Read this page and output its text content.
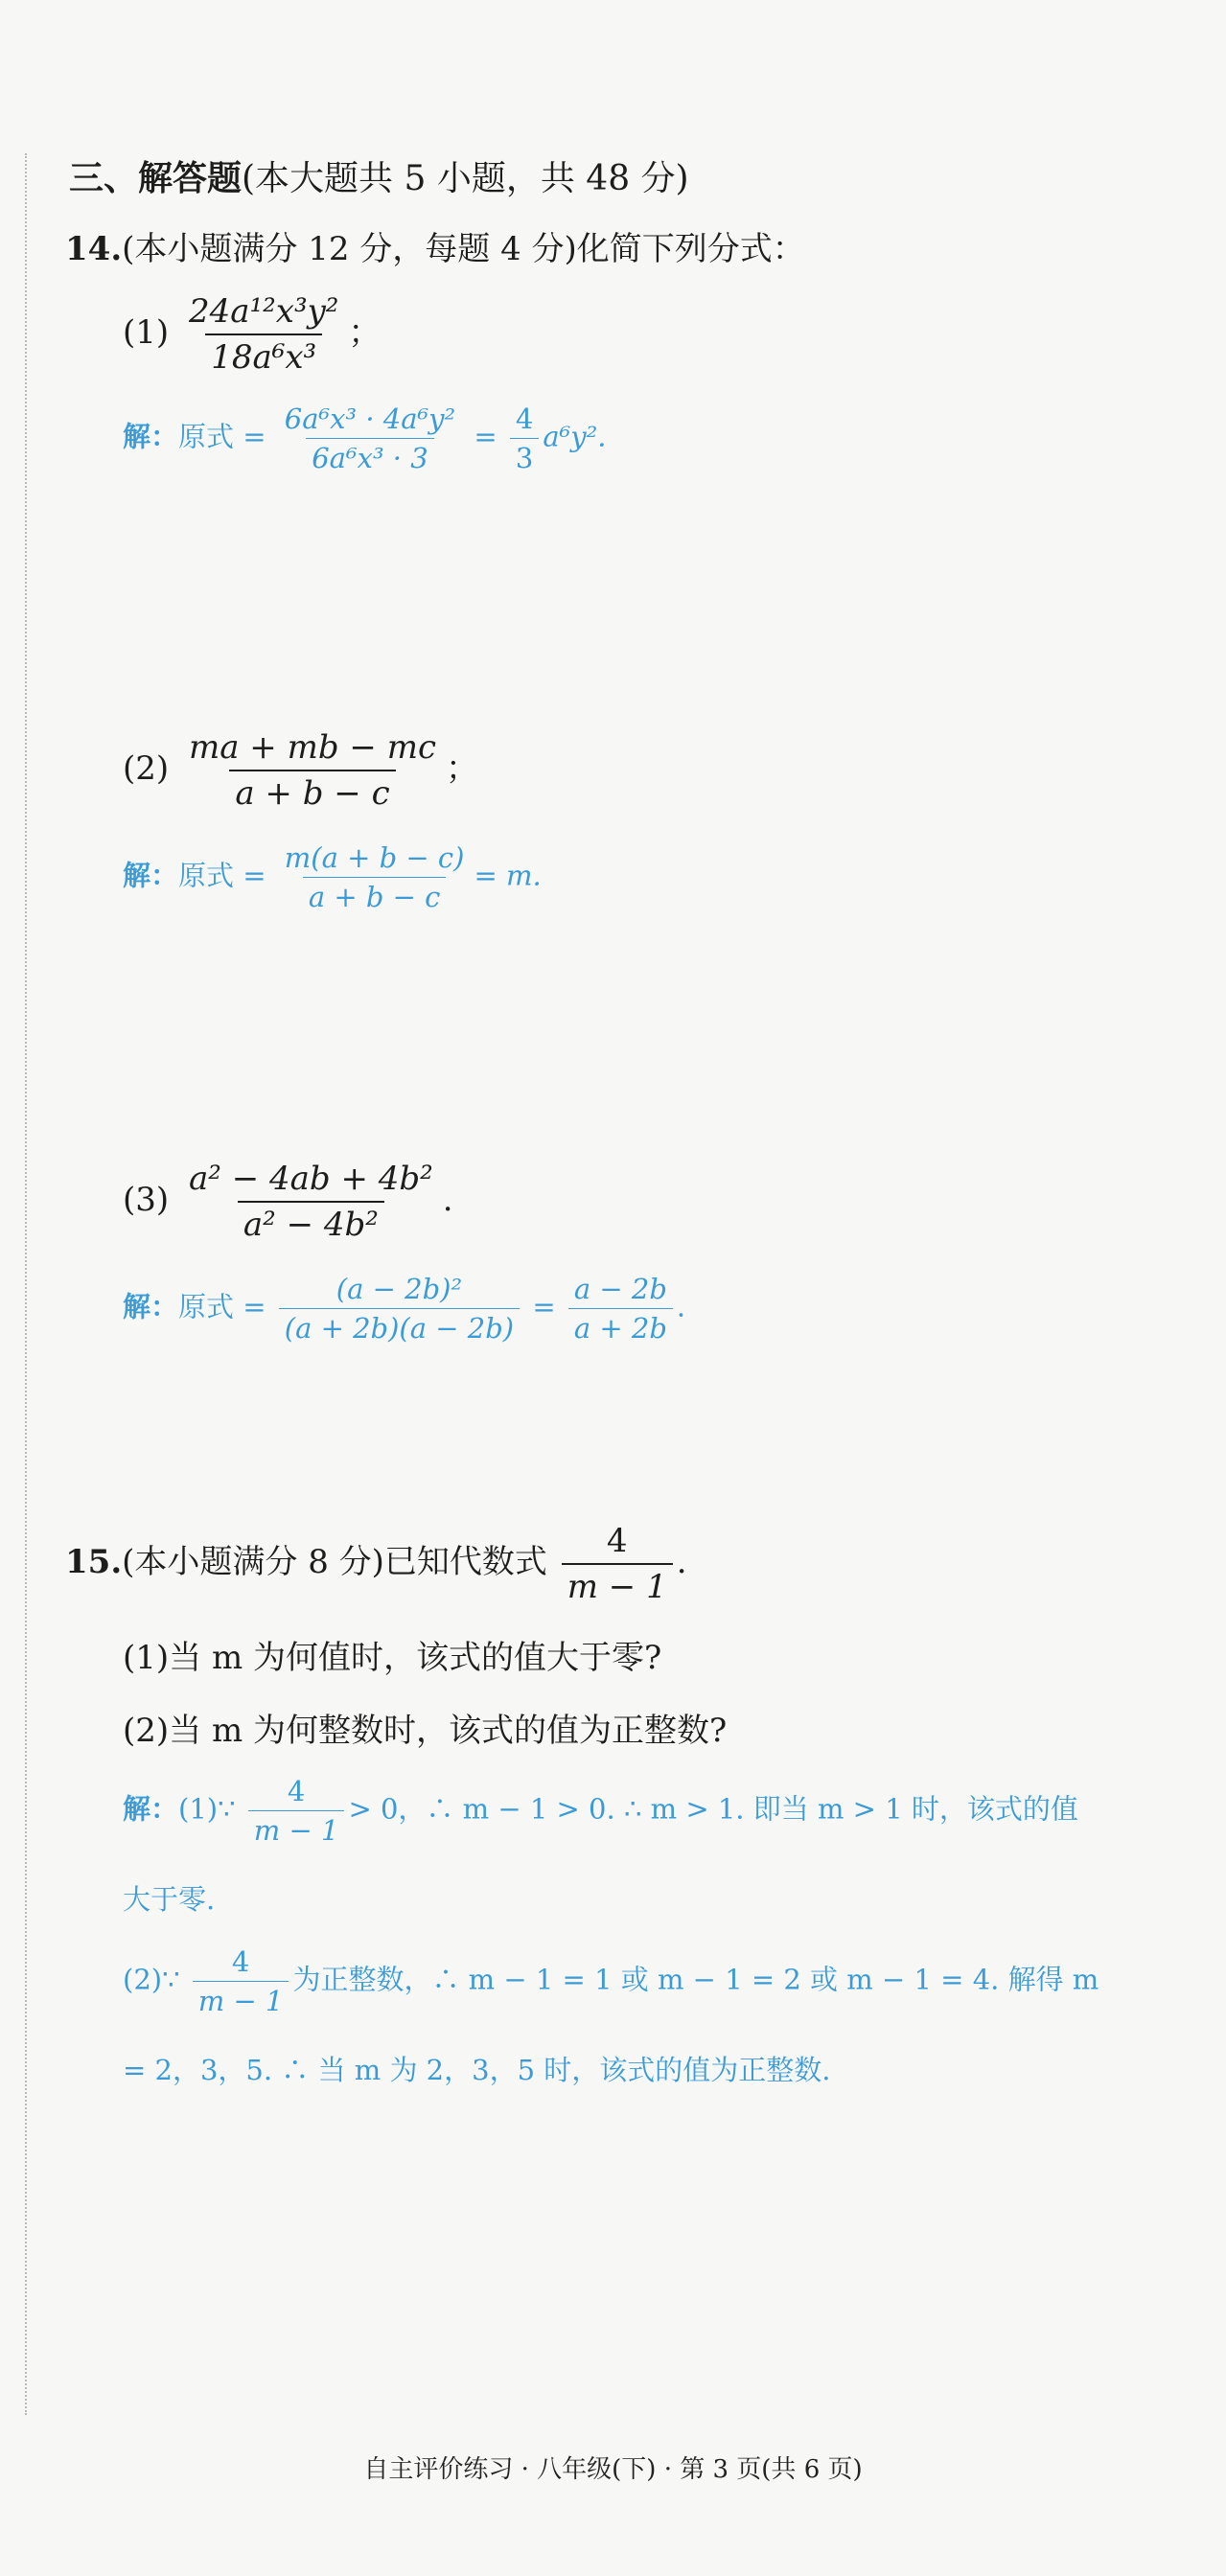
三、解答题(本大题共 5 小题，共 48 分)
14.(本小题满分 12 分，每题 4 分)化简下列分式：
$(1) \frac{\text{24a¹²x³y²}}{\text{18a⁶x³}}$ ；
解：原式 = $\frac{\text{6a⁶x³ · 4a⁶y²}}{\text{6a⁶x³ · 3}} = \frac{4}{3} a^6y^2$.
$(2) \frac{ma + mb - mc}{a + b - c}$ ；
解：原式 = $\frac{m(a + b - c)}{a + b - c} = m$.
$(3) \frac{\text{a² − 4ab + 4b²}}{\text{a² − 4b²}}$ .
解：原式 = $\frac{\text{(a − 2b)²}}{(a + 2b)(a - 2b)} = \frac{a - 2b}{a + 2b}$ .
15.(本小题满分 8 分)已知代数式 $\frac{4}{m - 1}$ .
(1)当 m 为何值时，该式的值大于零?
(2)当 m 为何整数时，该式的值为正整数?
解：(1)∵ $\frac{4}{m - 1} > 0$，∴ m − 1 > 0. ∴ m > 1. 即当 m > 1 时，该式的值
大于零.
(2)∵ $\frac{4}{m - 1}$ 为正整数，∴ m − 1 = 1 或 m − 1 = 2 或 m − 1 = 4. 解得 m
= 2，3，5. ∴ 当 m 为 2，3，5 时，该式的值为正整数.
自主评价练习 · 八年级(下) · 第 3 页(共 6 页)
